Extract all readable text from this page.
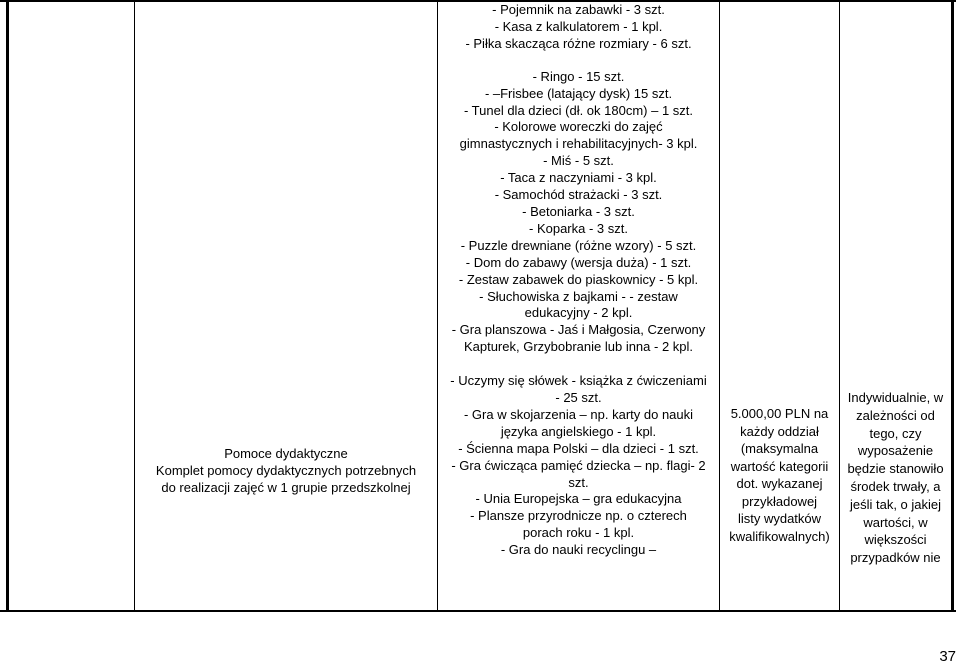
Pomoce dydaktyczne
Komplet pomocy dydaktycznych potrzebnych
do realizacji zajęć w 1 grupie przedszkolnej
- Pojemnik na zabawki - 3 szt.
- Kasa z kalkulatorem - 1 kpl.
- Piłka skacząca różne rozmiary - 6 szt.
- Ringo - 15 szt.
- –Frisbee (latający dysk) 15 szt.
- Tunel dla dzieci (dł. ok 180cm) – 1 szt.
- Kolorowe woreczki do zajęć
gimnastycznych i rehabilitacyjnych- 3 kpl.
- Miś - 5 szt.
- Taca z naczyniami - 3 kpl.
- Samochód strażacki - 3 szt.
- Betoniarka - 3 szt.
- Koparka - 3 szt.
- Puzzle drewniane (różne wzory) - 5 szt.
- Dom do zabawy (wersja duża) - 1 szt.
- Zestaw zabawek do piaskownicy - 5 kpl.
- Słuchowiska z bajkami - - zestaw
edukacyjny - 2 kpl.
- Gra planszowa - Jaś i Małgosia, Czerwony
Kapturek, Grzybobranie lub inna - 2 kpl.
- Uczymy się słówek - książka z ćwiczeniami
- 25 szt.
- Gra w skojarzenia – np. karty do nauki
języka angielskiego - 1 kpl.
- Ścienna mapa Polski – dla dzieci - 1 szt.
- Gra ćwicząca pamięć dziecka – np. flagi- 2
szt.
- Unia Europejska – gra edukacyjna
- Plansze przyrodnicze np. o czterech
porach roku - 1 kpl.
- Gra do nauki recyclingu –
5.000,00 PLN na
każdy oddział
(maksymalna
wartość kategorii
dot. wykazanej
przykładowej
listy wydatków
kwalifikowalnych)
Indywidualnie, w
zależności od
tego, czy
wyposażenie
będzie stanowiło
środek trwały, a
jeśli tak, o jakiej
wartości, w
większości
przypadków nie
37
